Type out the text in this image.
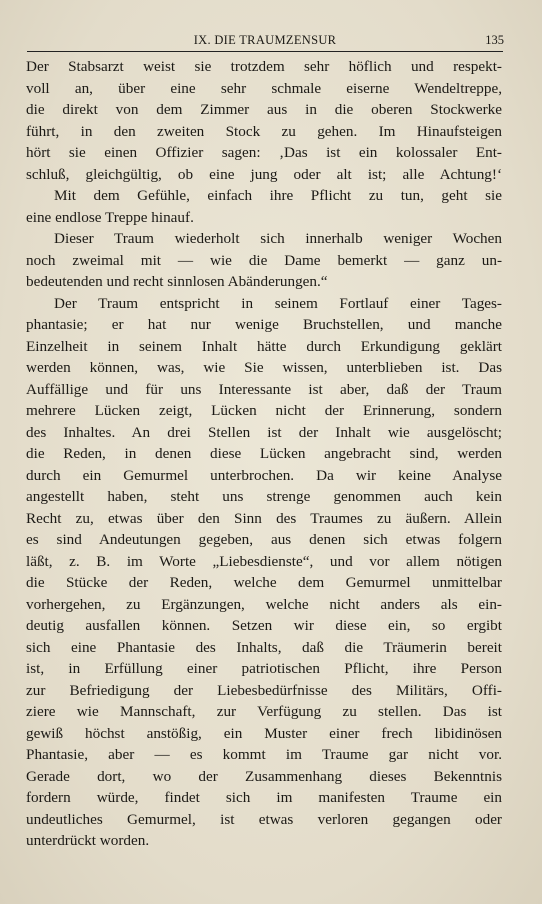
IX. DIE TRAUMZENSUR	135
Der Stabsarzt weist sie trotzdem sehr höflich und respekt-
voll an, über eine sehr schmale eiserne Wendeltreppe,
die direkt von dem Zimmer aus in die oberen Stockwerke
führt, in den zweiten Stock zu gehen. Im Hinaufsteigen
hört sie einen Offizier sagen: ‚Das ist ein kolossaler Ent-
schluß, gleichgültig, ob eine jung oder alt ist; alle Achtung!‘
Mit dem Gefühle, einfach ihre Pflicht zu tun, geht sie
eine endlose Treppe hinauf.
Dieser Traum wiederholt sich innerhalb weniger Wochen
noch zweimal mit — wie die Dame bemerkt — ganz un-
bedeutenden und recht sinnlosen Abänderungen.“
Der Traum entspricht in seinem Fortlauf einer Tages-
phantasie; er hat nur wenige Bruchstellen, und manche
Einzelheit in seinem Inhalt hätte durch Erkundigung geklärt
werden können, was, wie Sie wissen, unterblieben ist. Das
Auffällige und für uns Interessante ist aber, daß der Traum
mehrere Lücken zeigt, Lücken nicht der Erinnerung, sondern
des Inhaltes. An drei Stellen ist der Inhalt wie ausgelöscht;
die Reden, in denen diese Lücken angebracht sind, werden
durch ein Gemurmel unterbrochen. Da wir keine Analyse
angestellt haben, steht uns strenge genommen auch kein
Recht zu, etwas über den Sinn des Traumes zu äußern. Allein
es sind Andeutungen gegeben, aus denen sich etwas folgern
läßt, z. B. im Worte „Liebesdienste“, und vor allem nötigen
die Stücke der Reden, welche dem Gemurmel unmittelbar
vorhergehen, zu Ergänzungen, welche nicht anders als ein-
deutig ausfallen können. Setzen wir diese ein, so ergibt
sich eine Phantasie des Inhalts, daß die Träumerin bereit
ist, in Erfüllung einer patriotischen Pflicht, ihre Person
zur Befriedigung der Liebesbedürfnisse des Militärs, Offi-
ziere wie Mannschaft, zur Verfügung zu stellen. Das ist
gewiß höchst anstößig, ein Muster einer frech libidinösen
Phantasie, aber — es kommt im Traume gar nicht vor.
Gerade dort, wo der Zusammenhang dieses Bekenntnis
fordern würde, findet sich im manifesten Traume ein
undeutliches Gemurmel, ist etwas verloren gegangen oder
unterdrückt worden.
